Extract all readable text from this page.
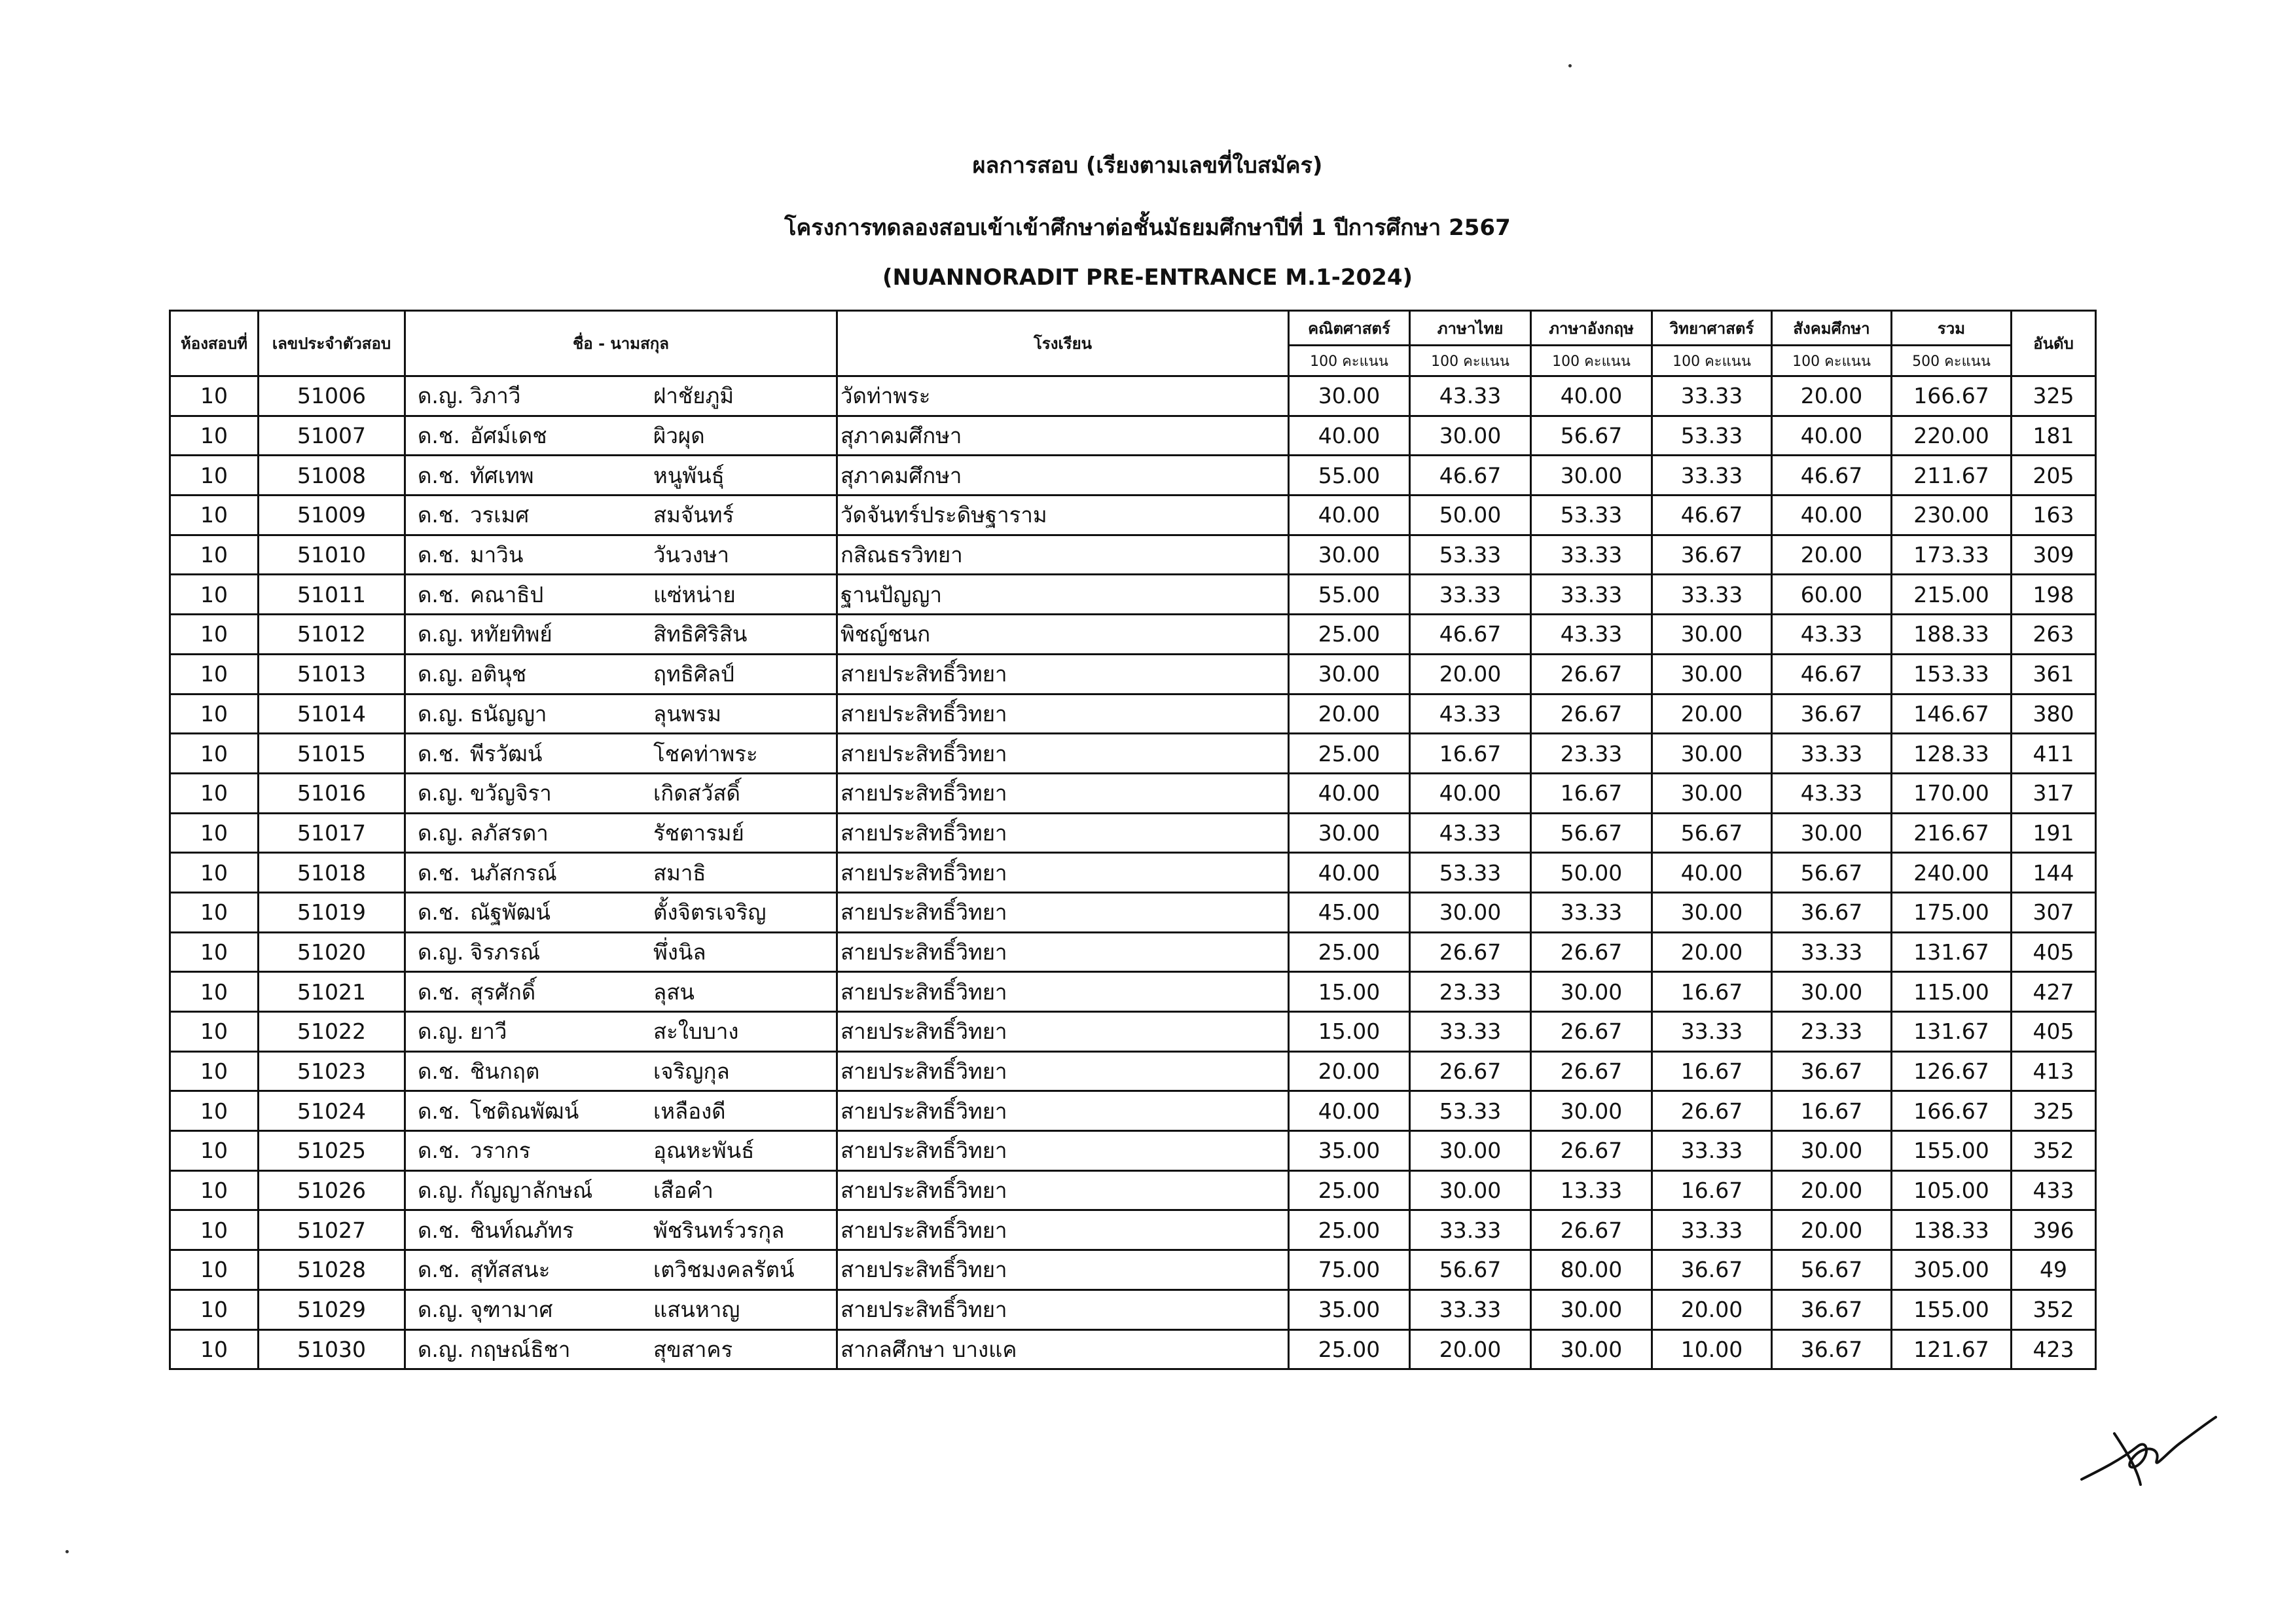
ผลการสอบ (เรียงตามเลขที่ใบสมัคร)
โครงการทดลองสอบเข้าเข้าศึกษาต่อชั้นมัธยมศึกษาปีที่ 1 ปีการศึกษา 2567
(NUANNORADIT PRE-ENTRANCE M.1-2024)
ห้องสอบที่	เลขประจำตัวสอบ	ชื่อ - นามสกุล	โรงเรียน	คณิตศาสตร์	ภาษาไทย	ภาษาอังกฤษ	วิทยาศาสตร์	สังคมศึกษา	รวม	อันดับ
				100 คะแนน	100 คะแนน	100 คะแนน	100 คะแนน	100 คะแนน	500 คะแนน	
10	51006	ด.ญ. วิภาวี ฝาชัยภูมิ	วัดท่าพระ	30.00	43.33	40.00	33.33	20.00	166.67	325
10	51007	ด.ช. อัศม์เดช ผิวผุด	สุภาคมศึกษา	40.00	30.00	56.67	53.33	40.00	220.00	181
10	51008	ด.ช. ทัศเทพ หนูพันธุ์	สุภาคมศึกษา	55.00	46.67	30.00	33.33	46.67	211.67	205
10	51009	ด.ช. วรเมศ สมจันทร์	วัดจันทร์ประดิษฐาราม	40.00	50.00	53.33	46.67	40.00	230.00	163
10	51010	ด.ช. มาวิน วันวงษา	กสิณธรวิทยา	30.00	53.33	33.33	36.67	20.00	173.33	309
10	51011	ด.ช. คณาธิป แซ่หน่าย	ฐานปัญญา	55.00	33.33	33.33	33.33	60.00	215.00	198
10	51012	ด.ญ. หทัยทิพย์ สิทธิศิริสิน	พิชญ์ชนก	25.00	46.67	43.33	30.00	43.33	188.33	263
10	51013	ด.ญ. อตินุช ฤทธิศิลป์	สายประสิทธิ์วิทยา	30.00	20.00	26.67	30.00	46.67	153.33	361
10	51014	ด.ญ. ธนัญญา ลุนพรม	สายประสิทธิ์วิทยา	20.00	43.33	26.67	20.00	36.67	146.67	380
10	51015	ด.ช. พีรวัฒน์ โชคท่าพระ	สายประสิทธิ์วิทยา	25.00	16.67	23.33	30.00	33.33	128.33	411
10	51016	ด.ญ. ขวัญจิรา เกิดสวัสดิ์	สายประสิทธิ์วิทยา	40.00	40.00	16.67	30.00	43.33	170.00	317
10	51017	ด.ญ. ลภัสรดา รัชตารมย์	สายประสิทธิ์วิทยา	30.00	43.33	56.67	56.67	30.00	216.67	191
10	51018	ด.ช. นภัสกรณ์ สมาธิ	สายประสิทธิ์วิทยา	40.00	53.33	50.00	40.00	56.67	240.00	144
10	51019	ด.ช. ณัฐพัฒน์ ตั้งจิตรเจริญ	สายประสิทธิ์วิทยา	45.00	30.00	33.33	30.00	36.67	175.00	307
10	51020	ด.ญ. จิรภรณ์ พึ่งนิล	สายประสิทธิ์วิทยา	25.00	26.67	26.67	20.00	33.33	131.67	405
10	51021	ด.ช. สุรศักดิ์ ลุสน	สายประสิทธิ์วิทยา	15.00	23.33	30.00	16.67	30.00	115.00	427
10	51022	ด.ญ. ยาวี สะใบบาง	สายประสิทธิ์วิทยา	15.00	33.33	26.67	33.33	23.33	131.67	405
10	51023	ด.ช. ชินกฤต เจริญกุล	สายประสิทธิ์วิทยา	20.00	26.67	26.67	16.67	36.67	126.67	413
10	51024	ด.ช. โชติณพัฒน์ เหลืองดี	สายประสิทธิ์วิทยา	40.00	53.33	30.00	26.67	16.67	166.67	325
10	51025	ด.ช. วรากร อุณหะพันธ์	สายประสิทธิ์วิทยา	35.00	30.00	26.67	33.33	30.00	155.00	352
10	51026	ด.ญ. กัญญาลักษณ์ เสือคำ	สายประสิทธิ์วิทยา	25.00	30.00	13.33	16.67	20.00	105.00	433
10	51027	ด.ช. ชินท์ณภัทร พัชรินทร์วรกุล	สายประสิทธิ์วิทยา	25.00	33.33	26.67	33.33	20.00	138.33	396
10	51028	ด.ช. สุทัสสนะ เตวิชมงคลรัตน์	สายประสิทธิ์วิทยา	75.00	56.67	80.00	36.67	56.67	305.00	49
10	51029	ด.ญ. จุฑามาศ แสนหาญ	สายประสิทธิ์วิทยา	35.00	33.33	30.00	20.00	36.67	155.00	352
10	51030	ด.ญ. กฤษณ์ธิชา สุขสาคร	สากลศึกษา บางแค	25.00	20.00	30.00	10.00	36.67	121.67	423
